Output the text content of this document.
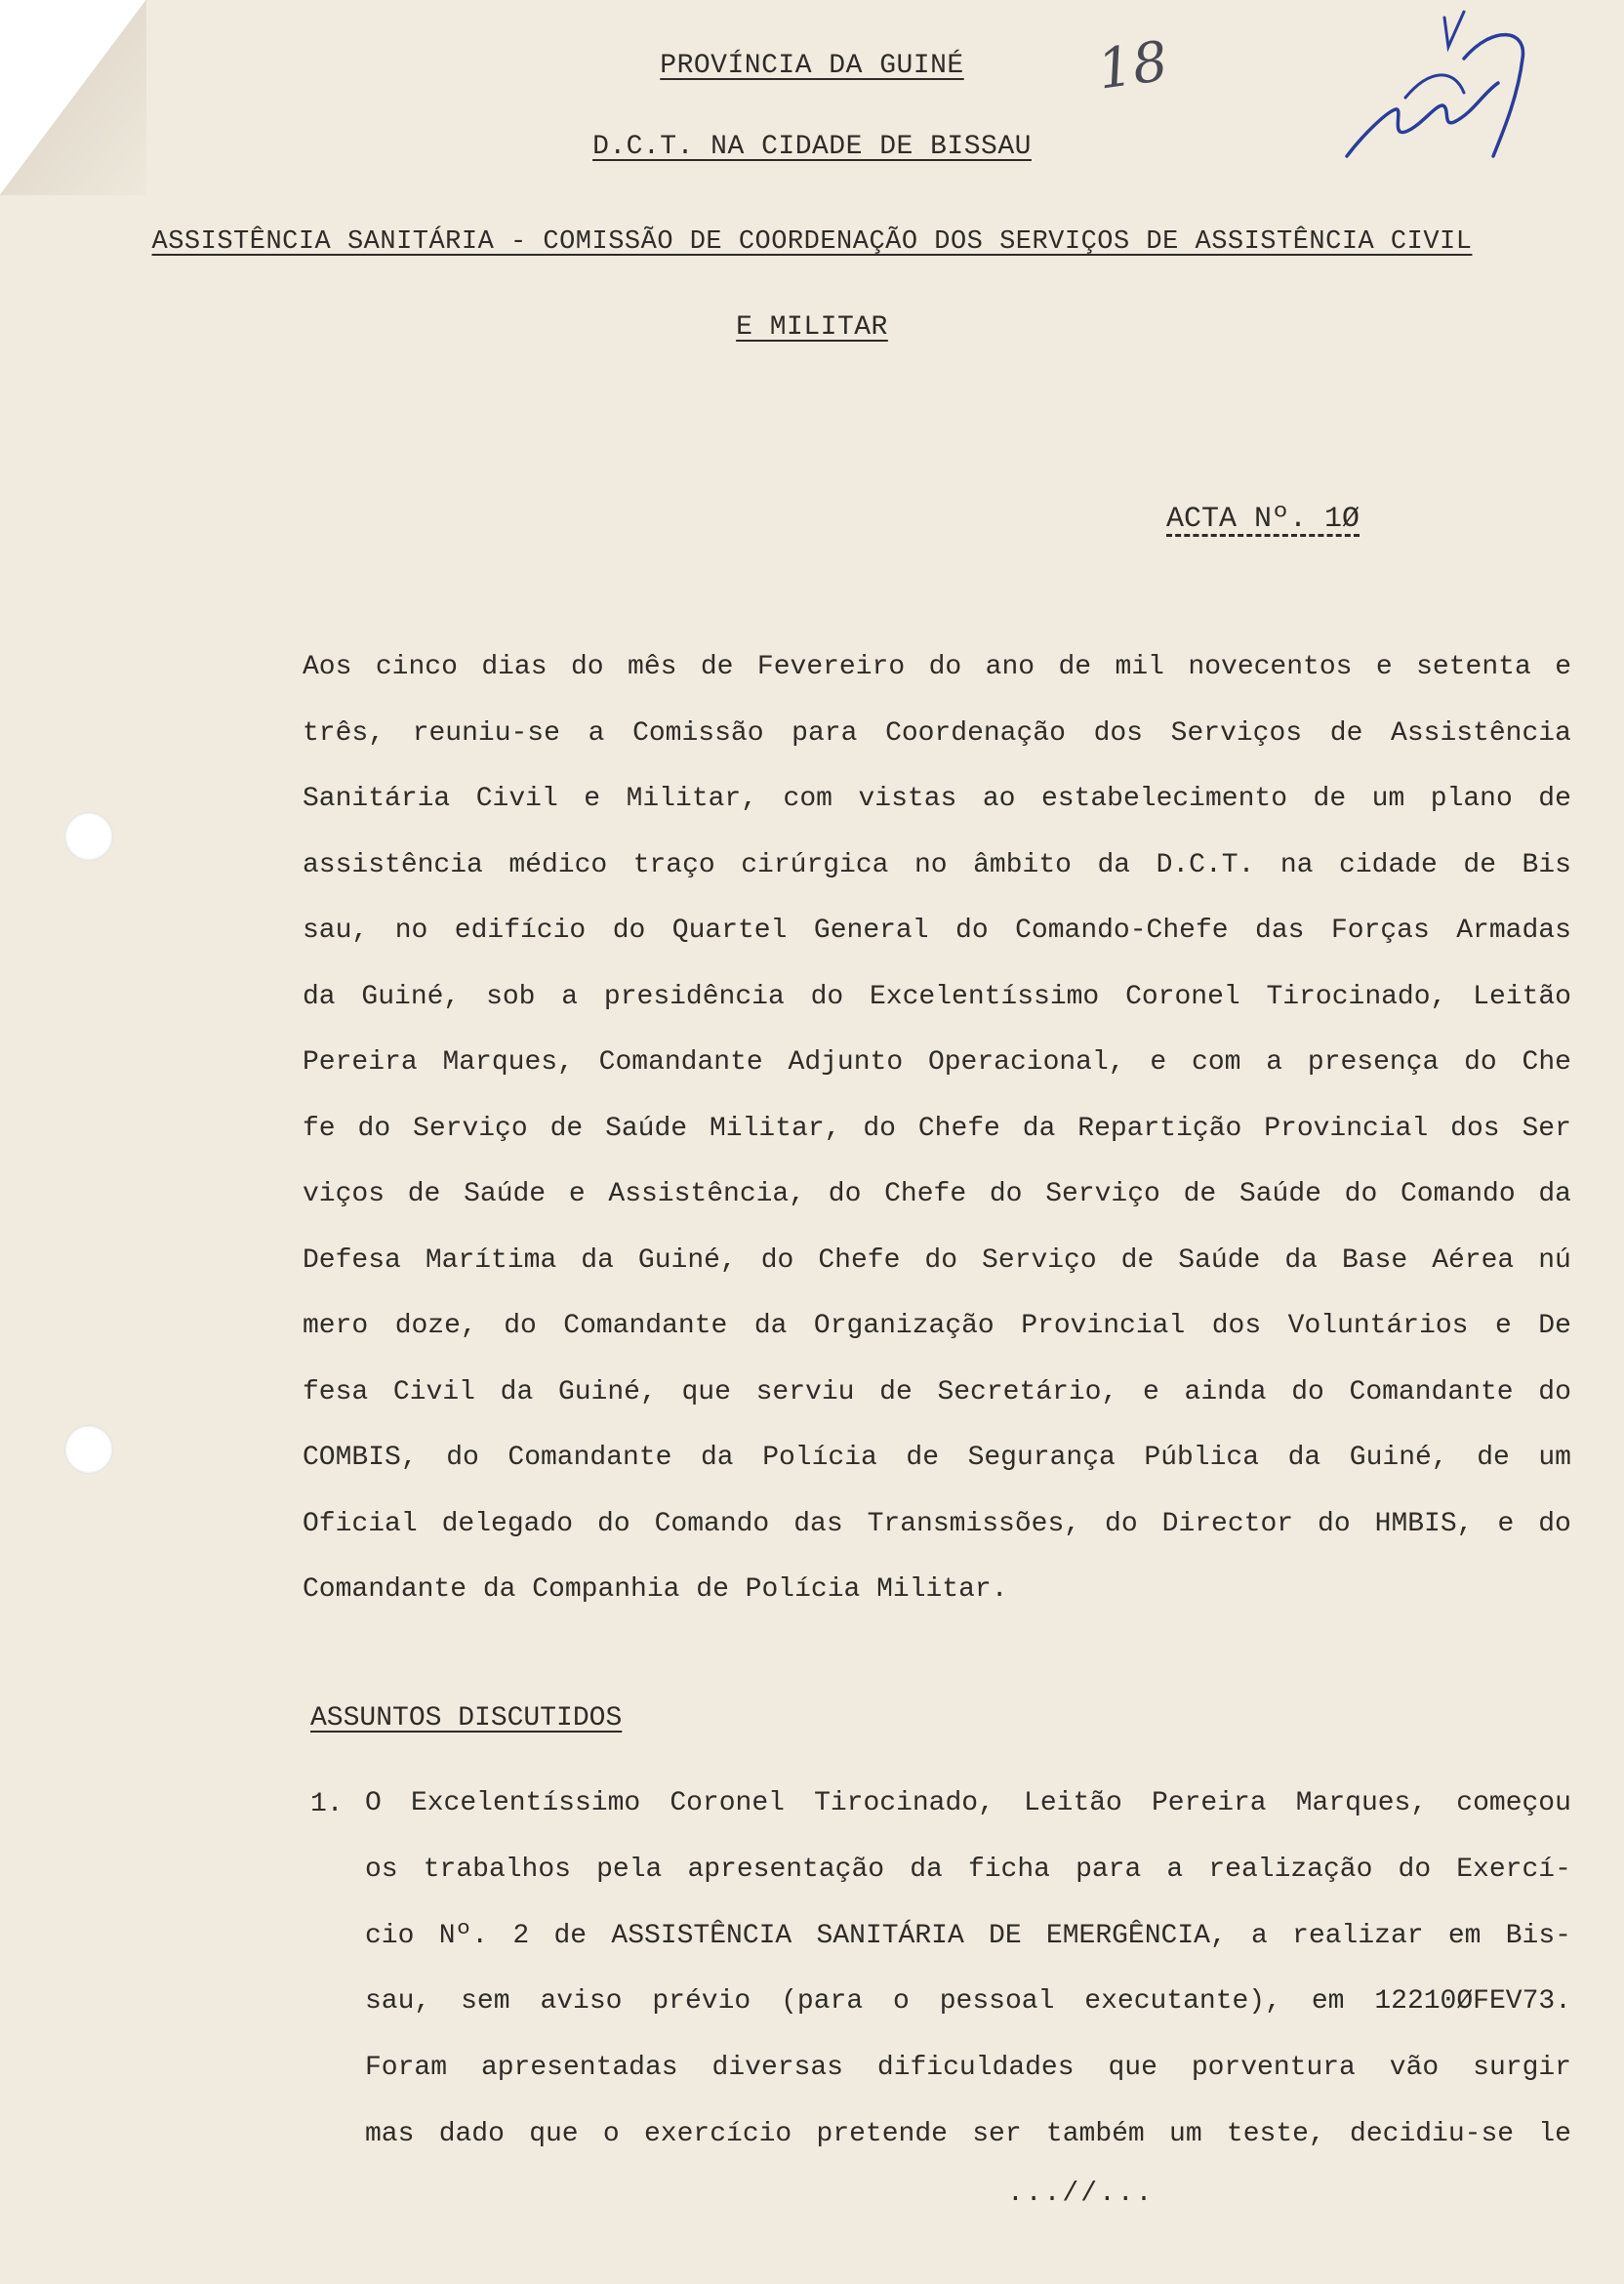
18
PROVÍNCIA DA GUINÉ
D.C.T. NA CIDADE DE BISSAU
ASSISTÊNCIA SANITÁRIA - COMISSÃO DE COORDENAÇÃO DOS SERVIÇOS DE ASSISTÊNCIA CIVIL
E MILITAR
ACTA Nº. 1Ø
Aos cinco dias do mês de Fevereiro do ano de mil novecentos e setenta e
três, reuniu-se a Comissão para Coordenação dos Serviços de Assistência
Sanitária Civil e Militar, com vistas ao estabelecimento de um plano de
assistência médico traço cirúrgica no âmbito da D.C.T. na cidade de Bis
sau, no edifício do Quartel General do Comando-Chefe das Forças Armadas
da Guiné, sob a presidência do Excelentíssimo Coronel Tirocinado, Leitão
Pereira Marques, Comandante Adjunto Operacional, e com a presença do Che
fe do Serviço de Saúde Militar, do Chefe da Repartição Provincial dos Ser
viços de Saúde e Assistência, do Chefe do Serviço de Saúde do Comando da
Defesa Marítima da Guiné, do Chefe do Serviço de Saúde da Base Aérea nú
mero doze, do Comandante da Organização Provincial dos Voluntários e De
fesa Civil da Guiné, que serviu de Secretário, e ainda do Comandante do
COMBIS, do Comandante da Polícia de Segurança Pública da Guiné, de um
Oficial delegado do Comando das Transmissões, do Director do HMBIS, e do
Comandante da Companhia de Polícia Militar.
ASSUNTOS DISCUTIDOS
1. O Excelentíssimo Coronel Tirocinado, Leitão Pereira Marques, começou
os trabalhos pela apresentação da ficha para a realização do Exercí-
cio Nº. 2 de ASSISTÊNCIA SANITÁRIA DE EMERGÊNCIA, a realizar em Bis-
sau, sem aviso prévio (para o pessoal executante), em 12210ØFEV73.
Foram apresentadas diversas dificuldades que porventura vão surgir
mas dado que o exercício pretende ser também um teste, decidiu-se le
...//...
